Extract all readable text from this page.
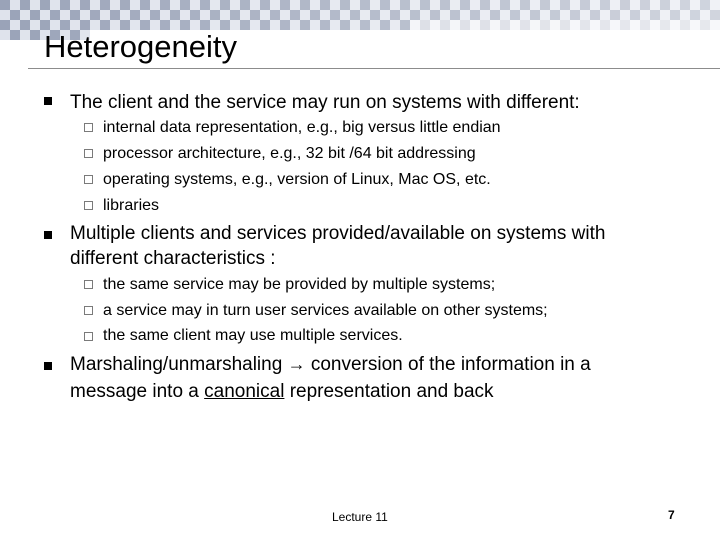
Heterogeneity
The client and the service may run on systems with different:
internal data representation, e.g., big versus little endian
processor architecture, e.g., 32 bit /64 bit addressing
operating systems, e.g., version of Linux, Mac OS, etc.
libraries
Multiple clients and services provided/available on systems with
different characteristics :
the same service may be provided by multiple systems;
a service may in turn user services available on other systems;
the same client may use multiple services.
Marshaling/unmarshaling → conversion of the information in a
message into a canonical representation and back
Lecture 11	7
